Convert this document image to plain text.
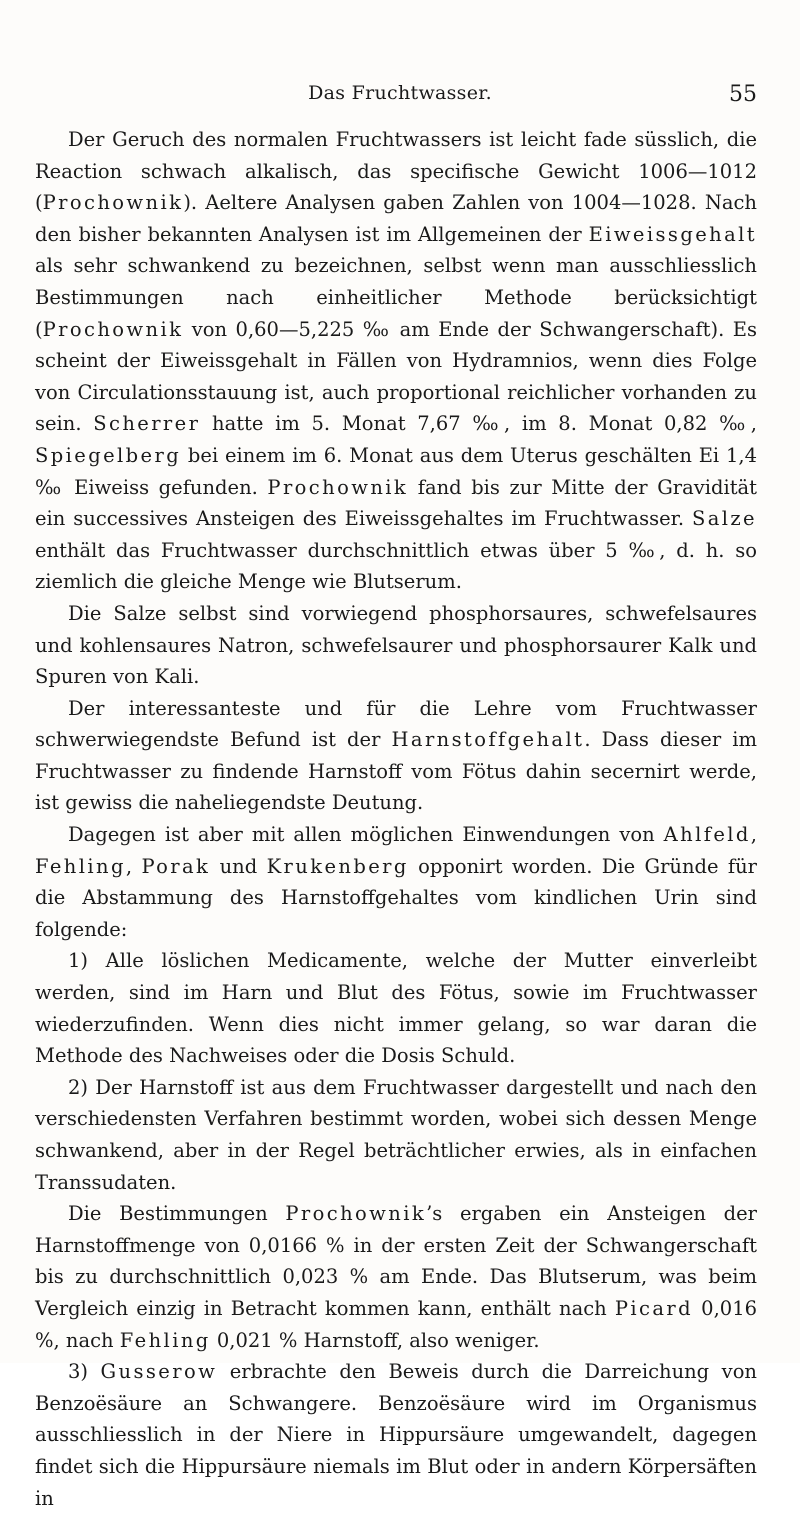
Das Fruchtwasser.	55

Der Geruch des normalen Fruchtwassers ist leicht fade süsslich, die Reaction schwach alkalisch, das specifische Gewicht 1006—1012 (Prochownik). Aeltere Analysen gaben Zahlen von 1004—1028. Nach den bisher bekannten Analysen ist im Allgemeinen der Eiweissgehalt als sehr schwankend zu bezeichnen, selbst wenn man ausschliesslich Bestimmungen nach einheitlicher Methode berücksichtigt (Prochownik von 0,60—5,225 ‰ am Ende der Schwangerschaft). Es scheint der Eiweissgehalt in Fällen von Hydramnios, wenn dies Folge von Circulationsstauung ist, auch proportional reichlicher vorhanden zu sein. Scherrer hatte im 5. Monat 7,67 ‰, im 8. Monat 0,82 ‰, Spiegelberg bei einem im 6. Monat aus dem Uterus geschälten Ei 1,4 ‰ Eiweiss gefunden. Prochownik fand bis zur Mitte der Gravidität ein successives Ansteigen des Eiweissgehaltes im Fruchtwasser. Salze enthält das Fruchtwasser durchschnittlich etwas über 5 ‰, d. h. so ziemlich die gleiche Menge wie Blutserum.

Die Salze selbst sind vorwiegend phosphorsaures, schwefelsaures und kohlensaures Natron, schwefelsaurer und phosphorsaurer Kalk und Spuren von Kali.

Der interessanteste und für die Lehre vom Fruchtwasser schwerwiegendste Befund ist der Harnstoffgehalt. Dass dieser im Fruchtwasser zu findende Harnstoff vom Fötus dahin secernirt werde, ist gewiss die naheliegendste Deutung.

Dagegen ist aber mit allen möglichen Einwendungen von Ahlfeld, Fehling, Porak und Krukenberg opponirt worden. Die Gründe für die Abstammung des Harnstoffgehaltes vom kindlichen Urin sind folgende:

1) Alle löslichen Medicamente, welche der Mutter einverleibt werden, sind im Harn und Blut des Fötus, sowie im Fruchtwasser wiederzufinden. Wenn dies nicht immer gelang, so war daran die Methode des Nachweises oder die Dosis Schuld.

2) Der Harnstoff ist aus dem Fruchtwasser dargestellt und nach den verschiedensten Verfahren bestimmt worden, wobei sich dessen Menge schwankend, aber in der Regel beträchtlicher erwies, als in einfachen Transsudaten.

Die Bestimmungen Prochownik’s ergaben ein Ansteigen der Harnstoffmenge von 0,0166 % in der ersten Zeit der Schwangerschaft bis zu durchschnittlich 0,023 % am Ende. Das Blutserum, was beim Vergleich einzig in Betracht kommen kann, enthält nach Picard 0,016 %, nach Fehling 0,021 % Harnstoff, also weniger.

3) Gusserow erbrachte den Beweis durch die Darreichung von Benzoësäure an Schwangere. Benzoësäure wird im Organismus ausschliesslich in der Niere in Hippursäure umgewandelt, dagegen findet sich die Hippursäure niemals im Blut oder in andern Körpersäften in
